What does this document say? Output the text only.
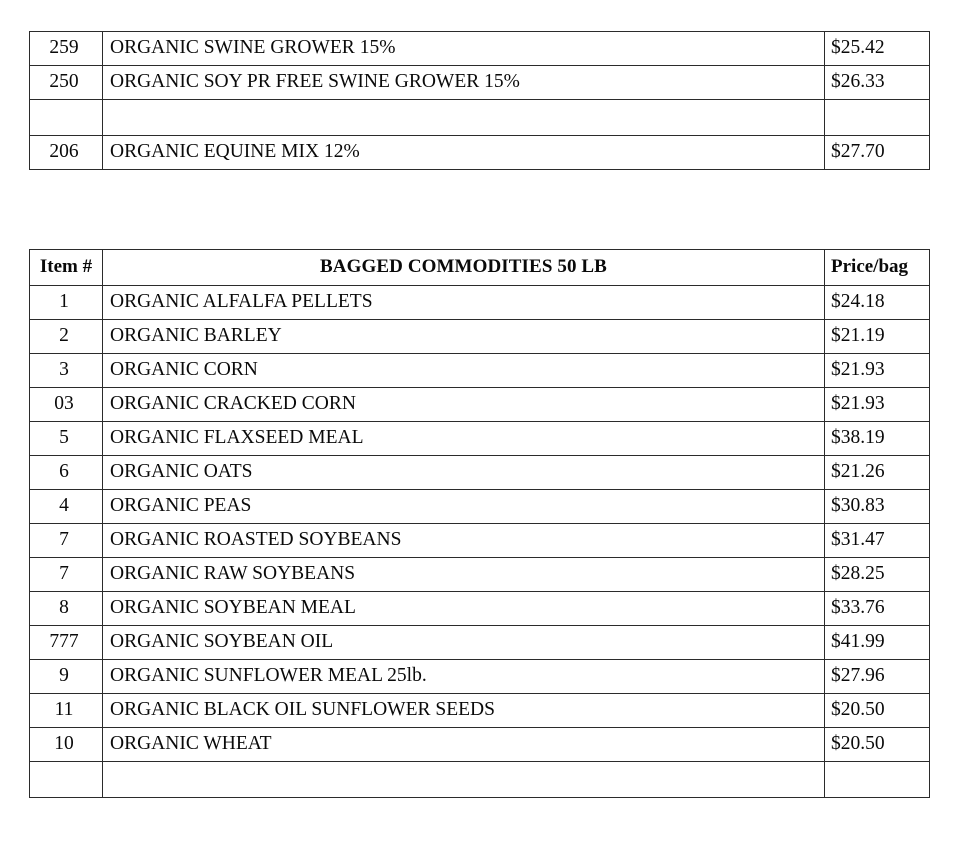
259	ORGANIC SWINE GROWER 15%	$25.42
250	ORGANIC SOY PR FREE SWINE GROWER 15%	$26.33

206	ORGANIC EQUINE MIX 12%	$27.70
Item #	BAGGED COMMODITIES 50 LB	Price/bag
1	ORGANIC ALFALFA PELLETS	$24.18
2	ORGANIC BARLEY	$21.19
3	ORGANIC CORN	$21.93
03	ORGANIC CRACKED CORN	$21.93
5	ORGANIC FLAXSEED MEAL	$38.19
6	ORGANIC OATS	$21.26
4	ORGANIC PEAS	$30.83
7	ORGANIC ROASTED SOYBEANS	$31.47
7	ORGANIC RAW SOYBEANS	$28.25
8	ORGANIC SOYBEAN MEAL	$33.76
777	ORGANIC SOYBEAN OIL	$41.99
9	ORGANIC SUNFLOWER MEAL 25lb.	$27.96
11	ORGANIC BLACK OIL SUNFLOWER SEEDS	$20.50
10	ORGANIC WHEAT	$20.50
